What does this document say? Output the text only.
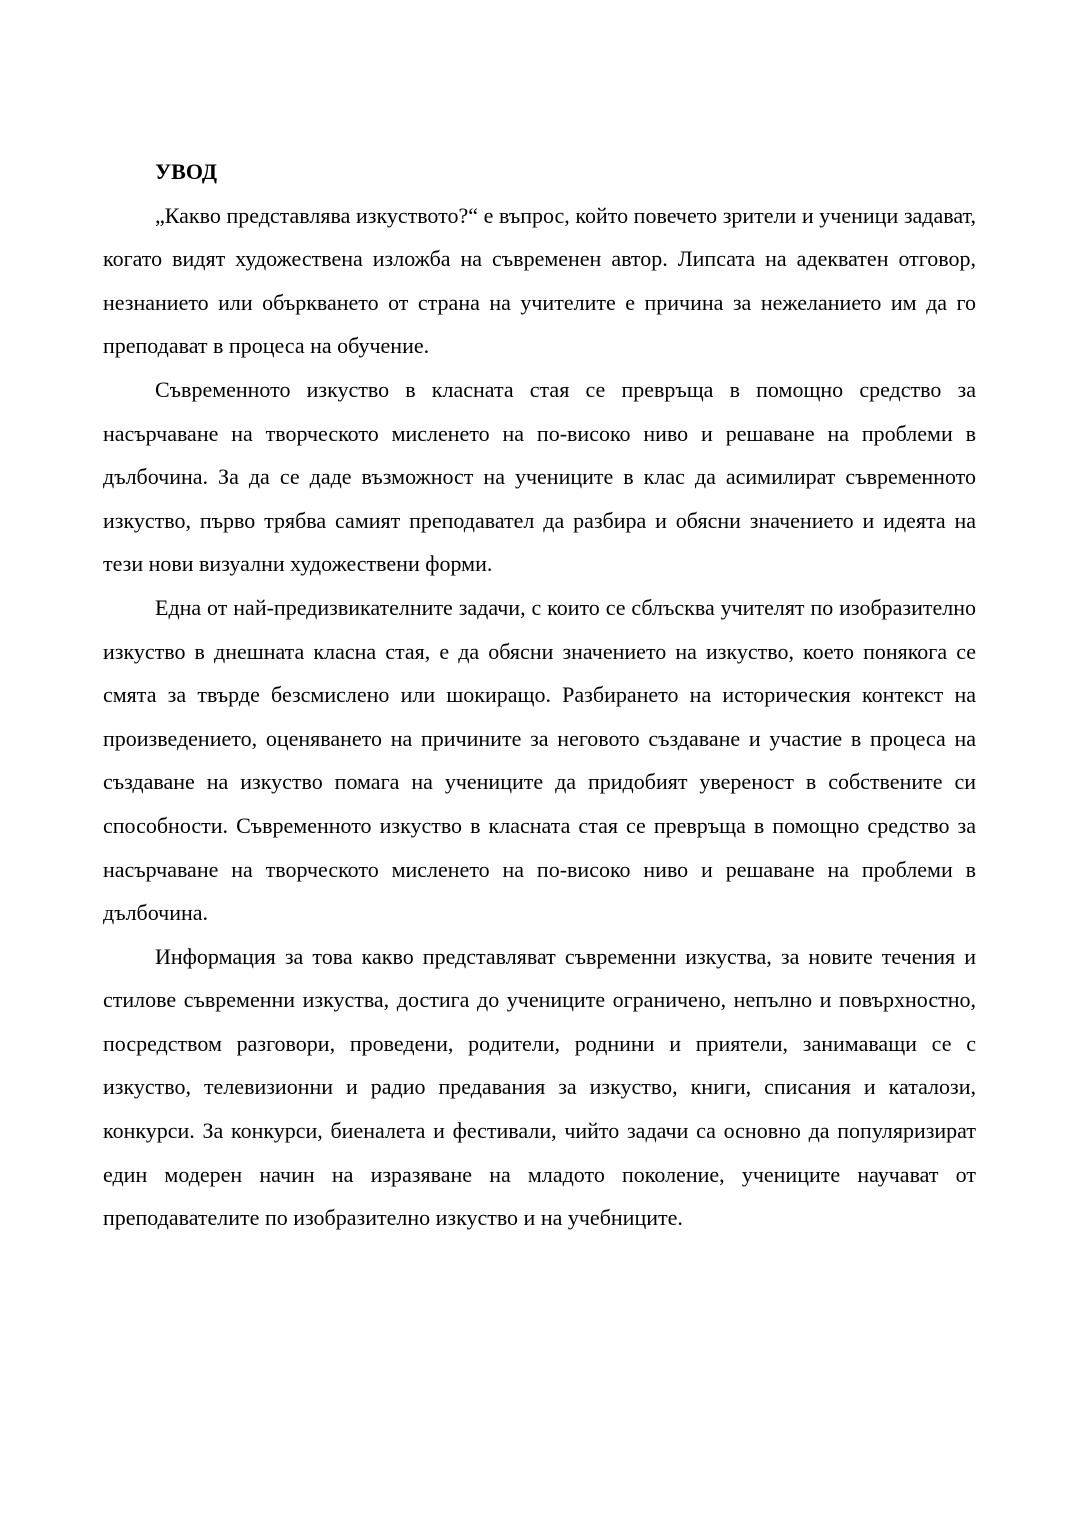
УВОД

„Какво представлява изкуството?“ е въпрос, който повечето зрители и ученици задават, когато видят художествена изложба на съвременен автор. Липсата на адекватен отговор, незнанието или объркването от страна на учителите е причина за нежеланието им да го преподават в процеса на обучение.

Съвременното изкуство в класната стая се превръща в помощно средство за насърчаване на творческото мисленето на по-високо ниво и решаване на проблеми в дълбочина. За да се даде възможност на учениците в клас да асимилират съвременното изкуство, първо трябва самият преподавател да разбира и обясни значението и идеята на тези нови визуални художествени форми.

Една от най-предизвикателните задачи, с които се сблъсква учителят по изобразително изкуство в днешната класна стая, е да обясни значението на изкуство, което понякога се смята за твърде безсмислено или шокиращо. Разбирането на историческия контекст на произведението, оценяването на причините за неговото създаване и участие в процеса на създаване на изкуство помага на учениците да придобият увереност в собствените си способности. Съвременното изкуство в класната стая се превръща в помощно средство за насърчаване на творческото мисленето на по-високо ниво и решаване на проблеми в дълбочина.

Информация за това какво представляват съвременни изкуства, за новите течения и стилове съвременни изкуства, достига до учениците ограничено, непълно и повърхностно, посредством разговори, проведени, родители, роднини и приятели, занимаващи се с изкуство, телевизионни и радио предавания за изкуство, книги, списания и каталози, конкурси. За конкурси, биеналета и фестивали, чийто задачи са основно да популяризират един модерен начин на изразяване на младото поколение, учениците научават от преподавателите по изобразително изкуство и на учебниците.
